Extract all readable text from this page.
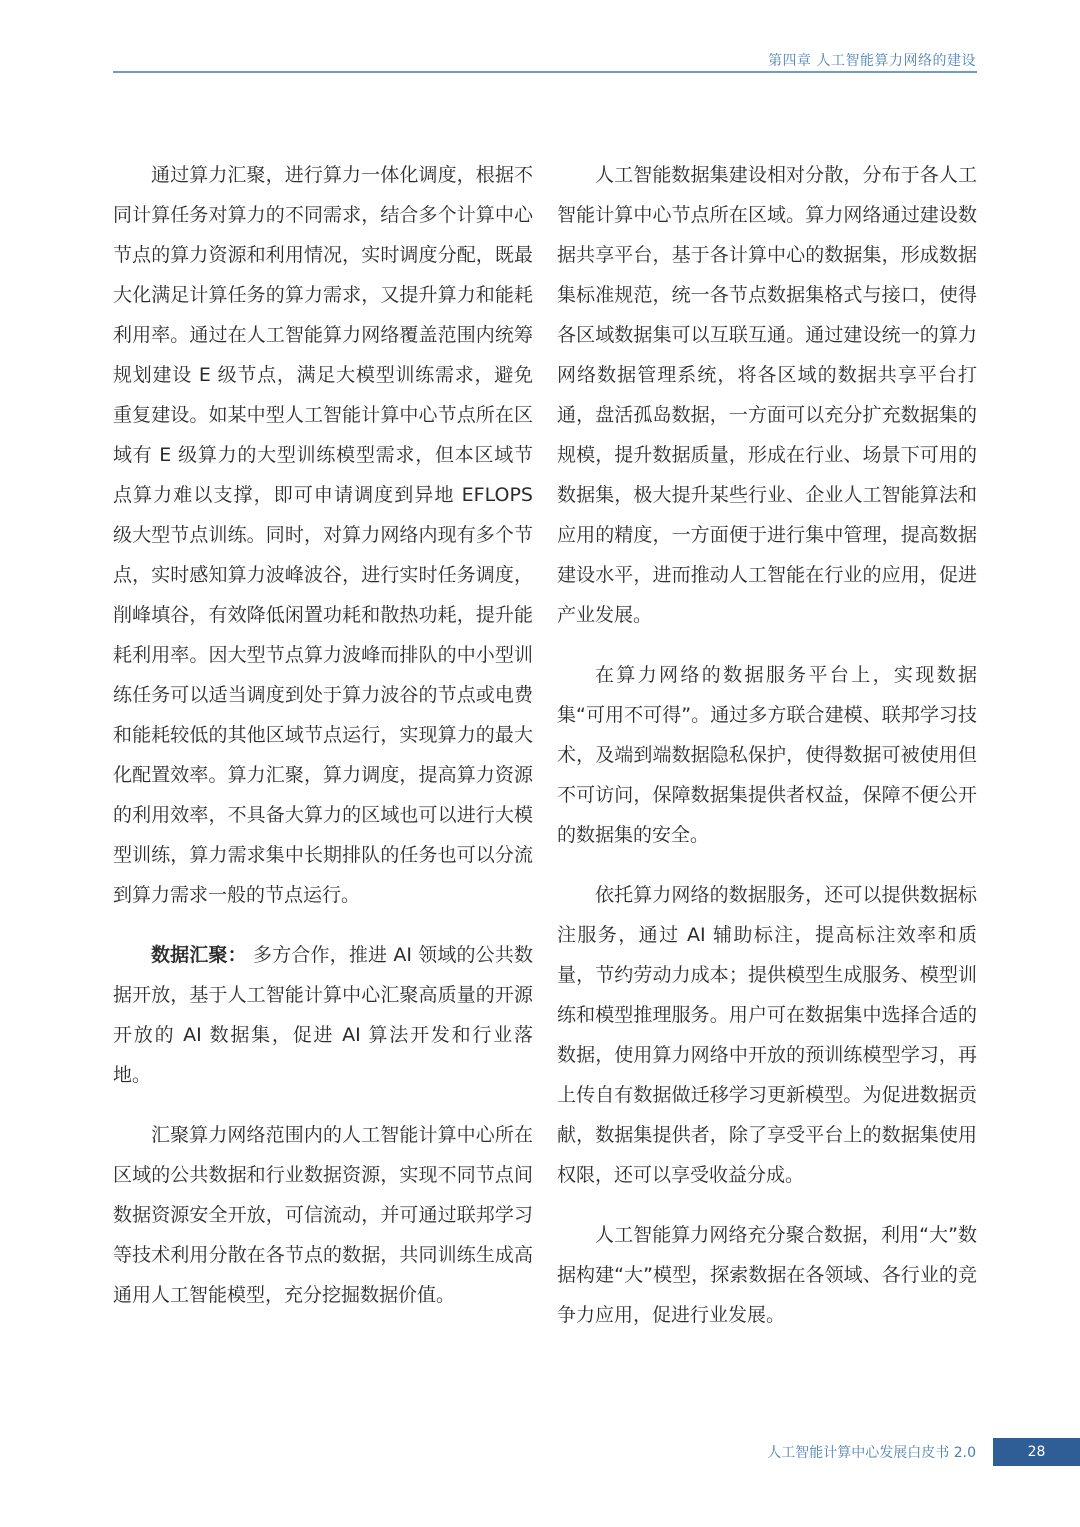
第四章 人工智能算力网络的建设

通过算力汇聚，进行算力一体化调度，根据不同计算任务对算力的不同需求，结合多个计算中心节点的算力资源和利用情况，实时调度分配，既最大化满足计算任务的算力需求，又提升算力和能耗利用率。通过在人工智能算力网络覆盖范围内统筹规划建设 E 级节点，满足大模型训练需求，避免重复建设。如某中型人工智能计算中心节点所在区域有 E 级算力的大型训练模型需求，但本区域节点算力难以支撑，即可申请调度到异地 EFLOPS 级大型节点训练。同时，对算力网络内现有多个节点，实时感知算力波峰波谷，进行实时任务调度，削峰填谷，有效降低闲置功耗和散热功耗，提升能耗利用率。因大型节点算力波峰而排队的中小型训练任务可以适当调度到处于算力波谷的节点或电费和能耗较低的其他区域节点运行，实现算力的最大化配置效率。算力汇聚，算力调度，提高算力资源的利用效率，不具备大算力的区域也可以进行大模型训练，算力需求集中长期排队的任务也可以分流到算力需求一般的节点运行。

数据汇聚： 多方合作，推进 AI 领域的公共数据开放，基于人工智能计算中心汇聚高质量的开源开放的 AI 数据集，促进 AI 算法开发和行业落地。

汇聚算力网络范围内的人工智能计算中心所在区域的公共数据和行业数据资源，实现不同节点间数据资源安全开放，可信流动，并可通过联邦学习等技术利用分散在各节点的数据，共同训练生成高通用人工智能模型，充分挖掘数据价值。

人工智能数据集建设相对分散，分布于各人工智能计算中心节点所在区域。算力网络通过建设数据共享平台，基于各计算中心的数据集，形成数据集标准规范，统一各节点数据集格式与接口，使得各区域数据集可以互联互通。通过建设统一的算力网络数据管理系统，将各区域的数据共享平台打通，盘活孤岛数据，一方面可以充分扩充数据集的规模，提升数据质量，形成在行业、场景下可用的数据集，极大提升某些行业、企业人工智能算法和应用的精度，一方面便于进行集中管理，提高数据建设水平，进而推动人工智能在行业的应用，促进产业发展。

在算力网络的数据服务平台上，实现数据集“可用不可得”。通过多方联合建模、联邦学习技术，及端到端数据隐私保护，使得数据可被使用但不可访问，保障数据集提供者权益，保障不便公开的数据集的安全。

依托算力网络的数据服务，还可以提供数据标注服务，通过 AI 辅助标注，提高标注效率和质量，节约劳动力成本；提供模型生成服务、模型训练和模型推理服务。用户可在数据集中选择合适的数据，使用算力网络中开放的预训练模型学习，再上传自有数据做迁移学习更新模型。为促进数据贡献，数据集提供者，除了享受平台上的数据集使用权限，还可以享受收益分成。

人工智能算力网络充分聚合数据，利用“大”数据构建“大”模型，探索数据在各领域、各行业的竞争力应用，促进行业发展。

人工智能计算中心发展白皮书 2.0	28
